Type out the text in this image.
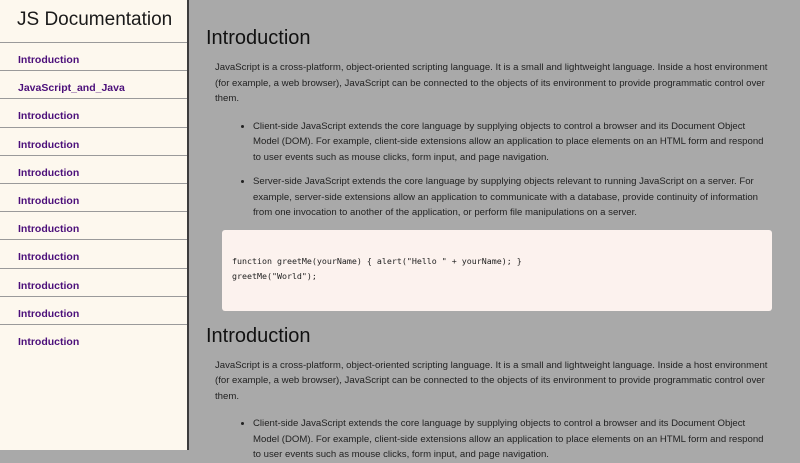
JS Documentation
Introduction
JavaScript_and_Java
Introduction
Introduction
Introduction
Introduction
Introduction
Introduction
Introduction
Introduction
Introduction
Introduction

JavaScript is a cross-platform, object-oriented scripting language. It is a small and lightweight language. Inside a host environment (for example, a web browser), JavaScript can be connected to the objects of its environment to provide programmatic control over them.

• Client-side JavaScript extends the core language by supplying objects to control a browser and its Document Object Model (DOM). For example, client-side extensions allow an application to place elements on an HTML form and respond to user events such as mouse clicks, form input, and page navigation.
• Server-side JavaScript extends the core language by supplying objects relevant to running JavaScript on a server. For example, server-side extensions allow an application to communicate with a database, provide continuity of information from one invocation to another of the application, or perform file manipulations on a server.
function greetMe(yourName) { alert("Hello " + yourName); }
greetMe("World");
Introduction

JavaScript is a cross-platform, object-oriented scripting language. It is a small and lightweight language. Inside a host environment (for example, a web browser), JavaScript can be connected to the objects of its environment to provide programmatic control over them.

• Client-side JavaScript extends the core language by supplying objects to control a browser and its Document Object Model (DOM). For example, client-side extensions allow an application to place elements on an HTML form and respond to user events such as mouse clicks, form input, and page navigation.
